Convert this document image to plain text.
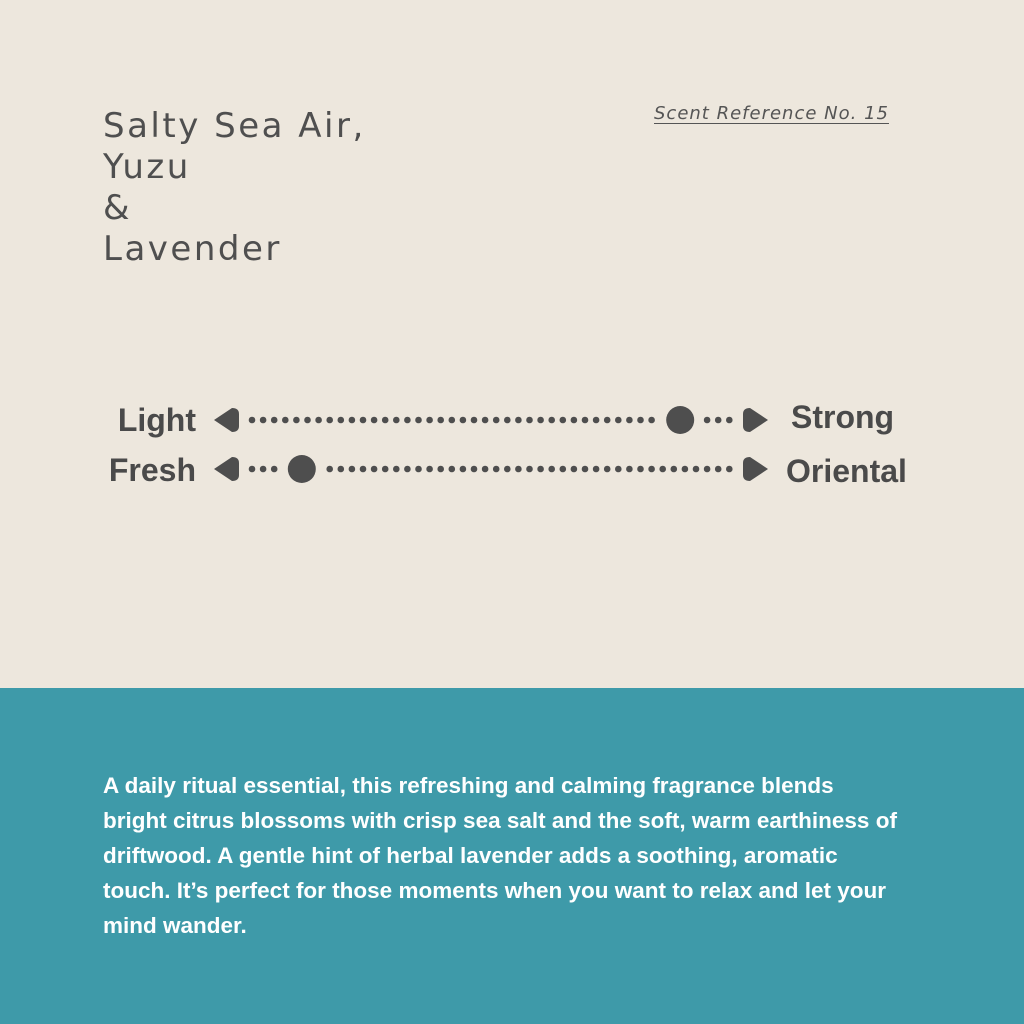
Salty Sea Air,
Yuzu
&
Lavender
Scent Reference No. 15
Light	Strong
Fresh	Oriental

A daily ritual essential, this refreshing and calming fragrance blends
bright citrus blossoms with crisp sea salt and the soft, warm earthiness of
driftwood. A gentle hint of herbal lavender adds a soothing, aromatic
touch. It’s perfect for those moments when you want to relax and let your
mind wander.
